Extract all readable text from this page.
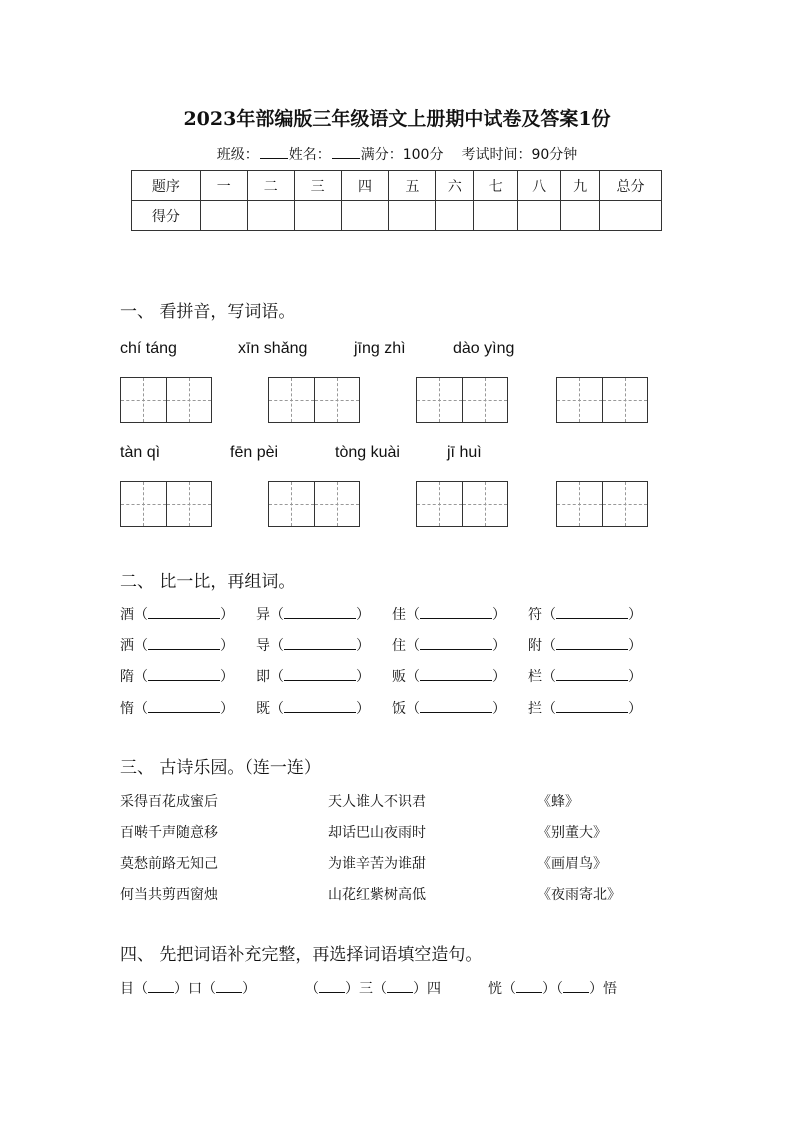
2023年部编版三年级语文上册期中试卷及答案1份
班级： 姓名： 满分：100分 考试时间：90分钟
题序	一	二	三	四	五	六	七	八	九	总分
得分										
一、 看拼音，写词语。
chí táng	xīn shǎng	jīng zhì	dào yìng
tàn qì	fēn pèi	tòng kuài	jī huì
二、 比一比，再组词。
酒（	） 异（	） 佳（	） 符（	）
洒（	） 导（	） 住（	） 附（	）
隋（	） 即（	） 贩（	） 栏（	）
惰（	） 既（	） 饭（	） 拦（	）
三、 古诗乐园。（连一连）
采得百花成蜜后	天人谁人不识君	《蜂》
百啭千声随意移	却话巴山夜雨时	《别董大》
莫愁前路无知己	为谁辛苦为谁甜	《画眉鸟》
何当共剪西窗烛	山花红紫树高低	《夜雨寄北》
四、 先把词语补充完整，再选择词语填空造句。
目（ ）口（ ）	（ ）三（ ）四	恍（ ）（ ）悟
